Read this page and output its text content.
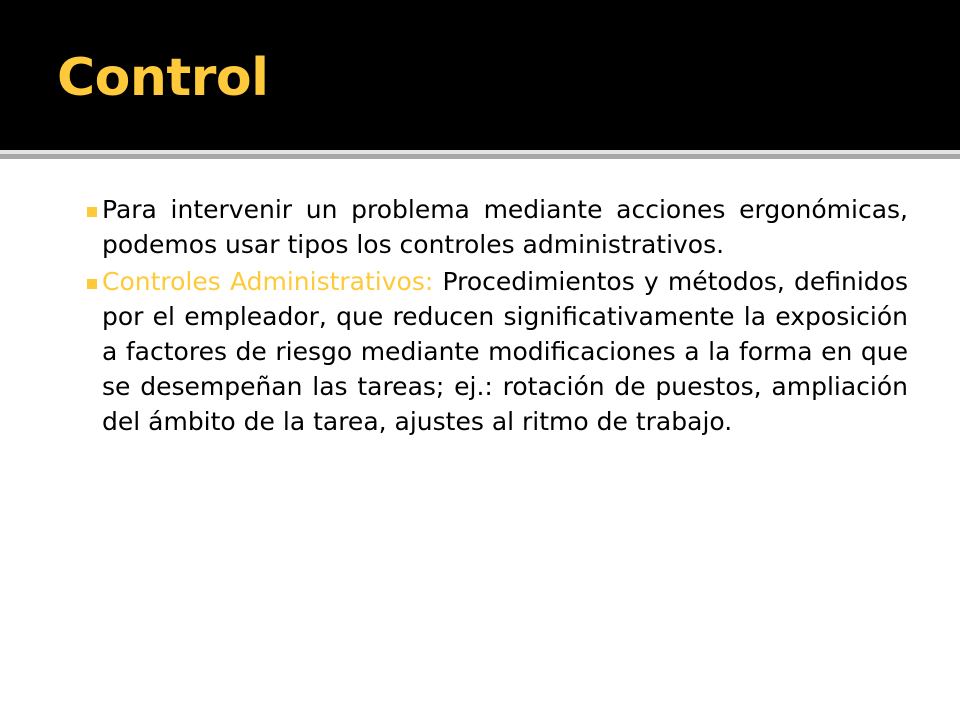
Control
Para intervenir un problema mediante acciones ergonómicas, podemos usar tipos los controles administrativos.
Controles Administrativos: Procedimientos y métodos, definidos por el empleador, que reducen significativamente la exposición a factores de riesgo mediante modificaciones a la forma en que se desempeñan las tareas; ej.: rotación de puestos, ampliación del ámbito de la tarea, ajustes al ritmo de trabajo.
